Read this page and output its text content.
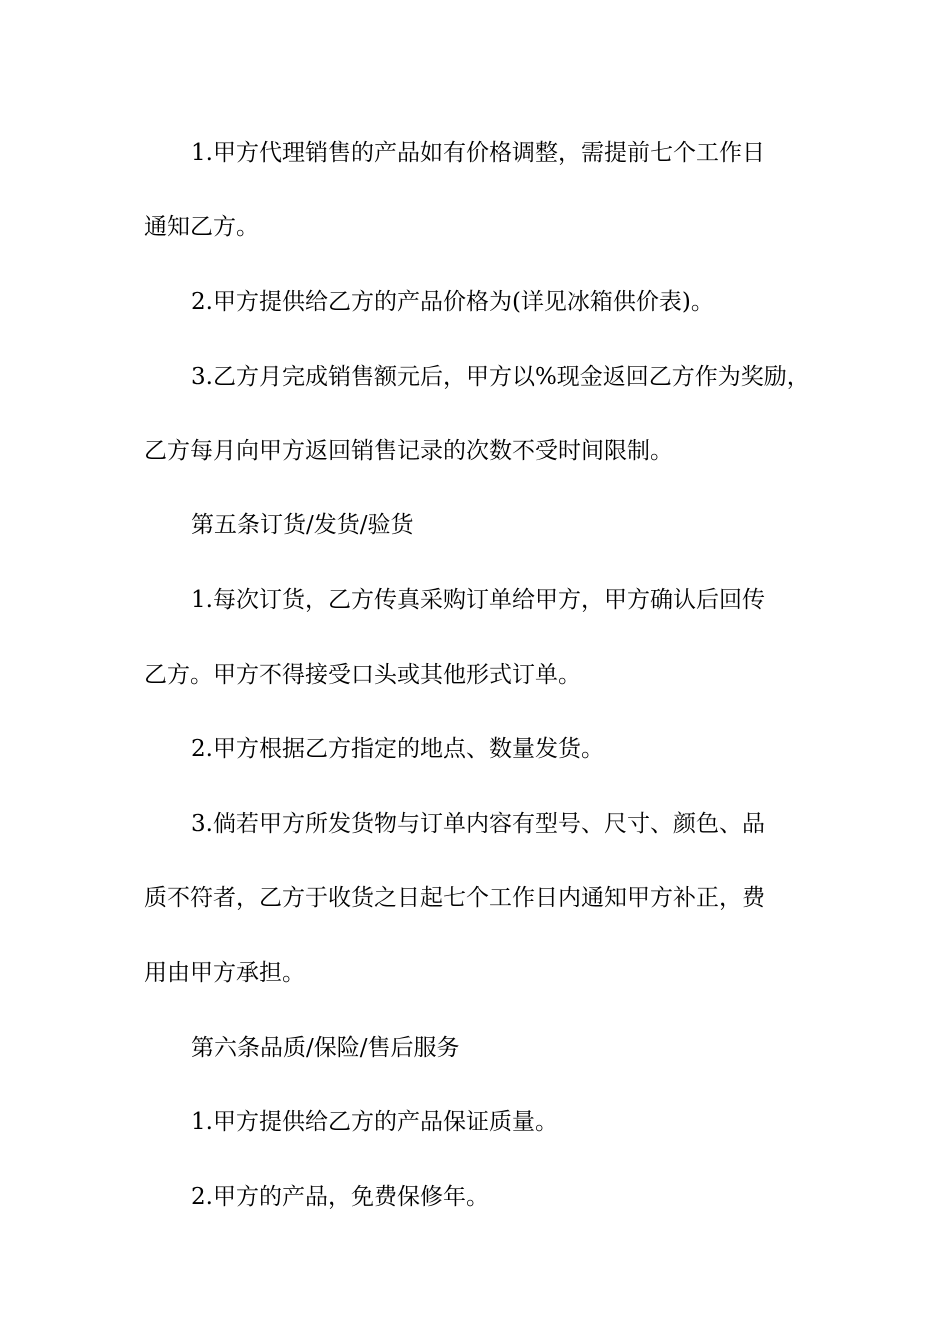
1.甲方代理销售的产品如有价格调整，需提前七个工作日

通知乙方。

2.甲方提供给乙方的产品价格为(详见冰箱供价表)。

3.乙方月完成销售额元后，甲方以%现金返回乙方作为奖励，

乙方每月向甲方返回销售记录的次数不受时间限制。

第五条订货/发货/验货

1.每次订货，乙方传真采购订单给甲方，甲方确认后回传

乙方。甲方不得接受口头或其他形式订单。

2.甲方根据乙方指定的地点、数量发货。

3.倘若甲方所发货物与订单内容有型号、尺寸、颜色、品

质不符者，乙方于收货之日起七个工作日内通知甲方补正，费

用由甲方承担。

第六条品质/保险/售后服务

1.甲方提供给乙方的产品保证质量。

2.甲方的产品，免费保修年。
